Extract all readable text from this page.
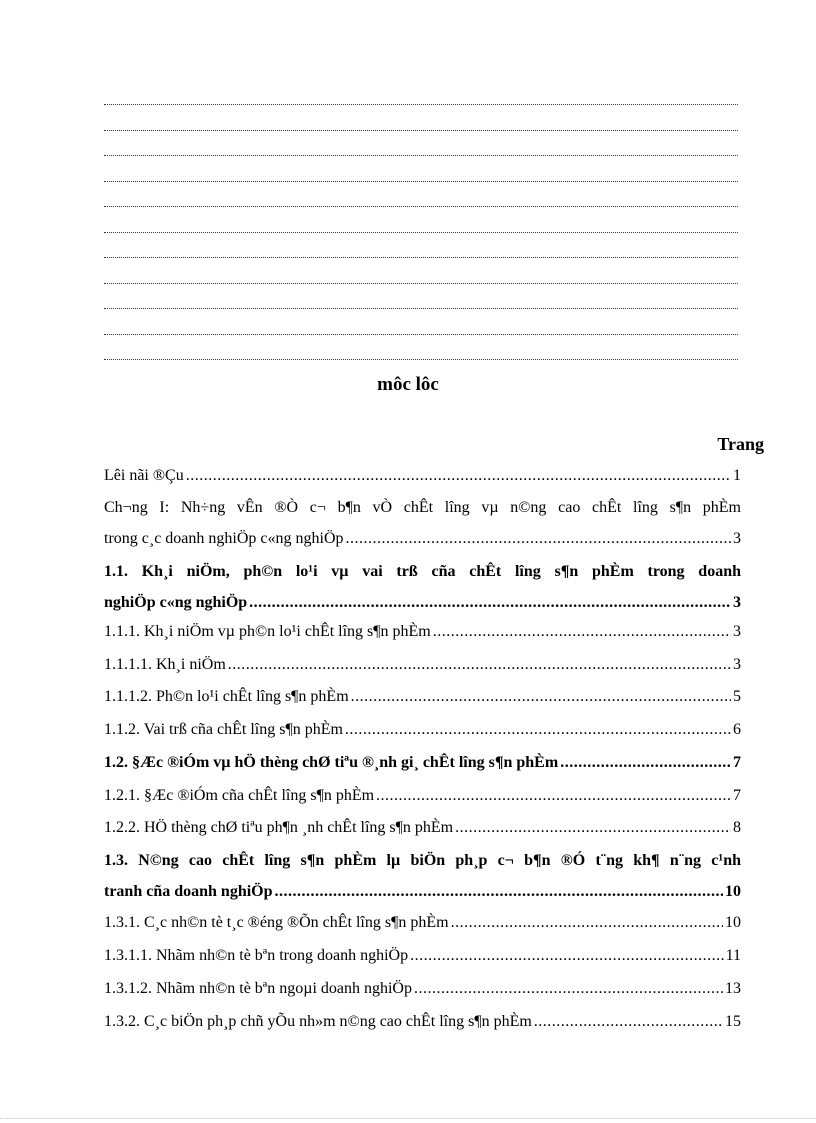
môc lôc
Trang
Lêi nãi ®Çu .....	1
Ch¬ng I: Nh÷ng vÊn ®Ò c¬ b¶n vÒ chÊt lîng vµ n©ng cao chÊt lîng s¶n phÈm
trong c¸c doanh nghiÖp c«ng nghiÖp .....	3
1.1. Kh¸i niÖm, ph©n lo¹i vµ vai trß cña chÊt lîng s¶n phÈm trong doanh
nghiÖp c«ng nghiÖp .....	3
1.1.1. Kh¸i niÖm vµ ph©n lo¹i chÊt lîng s¶n phÈm .....	3
1.1.1.1. Kh¸i niÖm .....	3
1.1.1.2. Ph©n lo¹i chÊt lîng s¶n phÈm .....	5
1.1.2. Vai trß cña chÊt lîng s¶n phÈm .....	6
1.2. §Æc ®iÓm vµ hÖ thèng chØ tiªu ®¸nh gi¸ chÊt lîng s¶n phÈm .....	7
1.2.1. §Æc ®iÓm cña chÊt lîng s¶n phÈm .....	7
1.2.2. HÖ thèng chØ tiªu ph¶n ¸nh chÊt lîng s¶n phÈm .....	8
1.3. N©ng cao chÊt lîng s¶n phÈm lµ biÖn ph¸p c¬ b¶n ®Ó t¨ng kh¶ n¨ng c¹nh
tranh cña doanh nghiÖp .....	10
1.3.1. C¸c nh©n tè t¸c ®éng ®Õn chÊt lîng s¶n phÈm .....	10
1.3.1.1. Nhãm nh©n tè bªn trong doanh nghiÖp .....	11
1.3.1.2. Nhãm nh©n tè bªn ngoµi doanh nghiÖp .....	13
1.3.2. C¸c biÖn ph¸p chñ yÕu nh»m n©ng cao chÊt lîng s¶n phÈm .....	15
